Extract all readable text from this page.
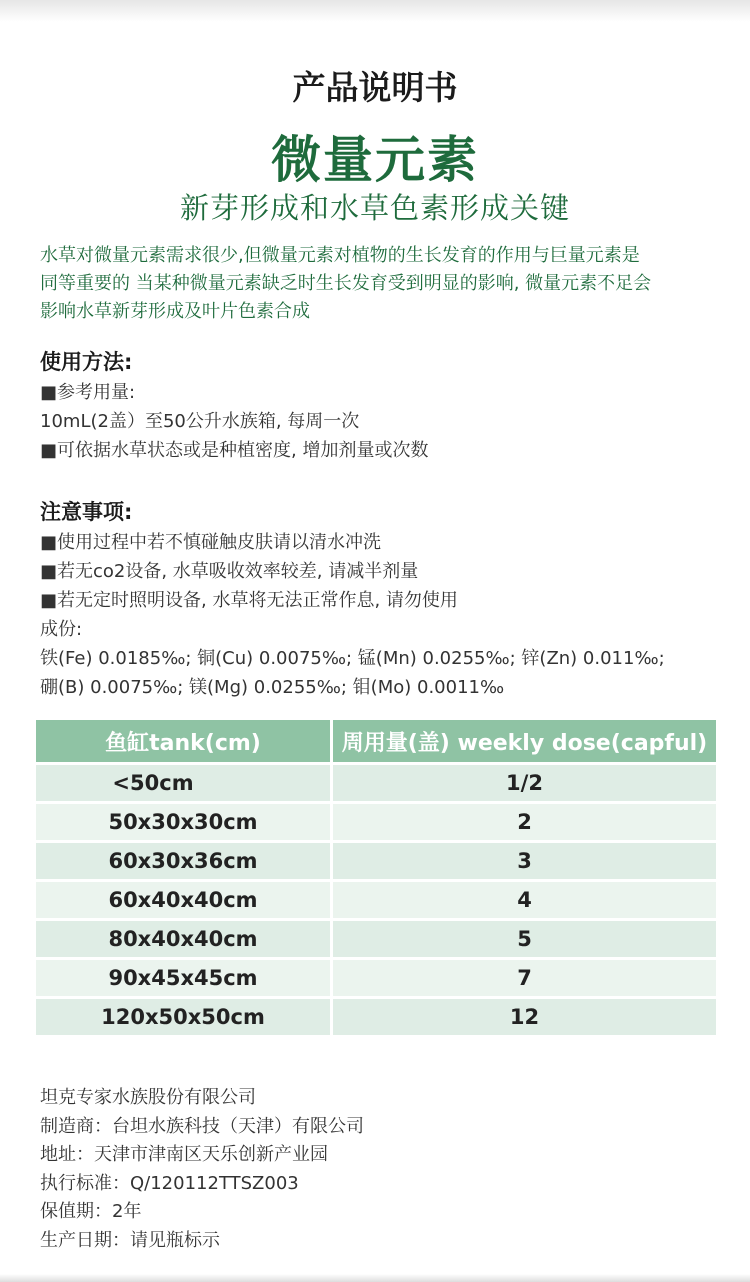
产品说明书
微量元素
新芽形成和水草色素形成关键
水草对微量元素需求很少,但微量元素对植物的生长发育的作用与巨量元素是
同等重要的 当某种微量元素缺乏时生长发育受到明显的影响, 微量元素不足会
影响水草新芽形成及叶片色素合成
使用方法:
■参考用量:
10mL(2盖）至50公升水族箱, 每周一次
■可依据水草状态或是种植密度, 增加剂量或次数
注意事项:
■使用过程中若不慎碰触皮肤请以清水冲洗
■若无co2设备, 水草吸收效率较差, 请减半剂量
■若无定时照明设备, 水草将无法正常作息, 请勿使用
成份:
铁(Fe) 0.0185‰; 铜(Cu) 0.0075‰; 锰(Mn) 0.0255‰; 锌(Zn) 0.011‰;
硼(B) 0.0075‰; 镁(Mg) 0.0255‰; 钼(Mo) 0.0011‰
鱼缸tank(cm)	周用量(盖) weekly dose(capful)
<50cm	1/2
50x30x30cm	2
60x30x36cm	3
60x40x40cm	4
80x40x40cm	5
90x45x45cm	7
120x50x50cm	12
坦克专家水族股份有限公司
制造商：台坦水族科技（天津）有限公司
地址：天津市津南区天乐创新产业园
执行标准：Q/120112TTSZ003
保值期：2年
生产日期：请见瓶标示
